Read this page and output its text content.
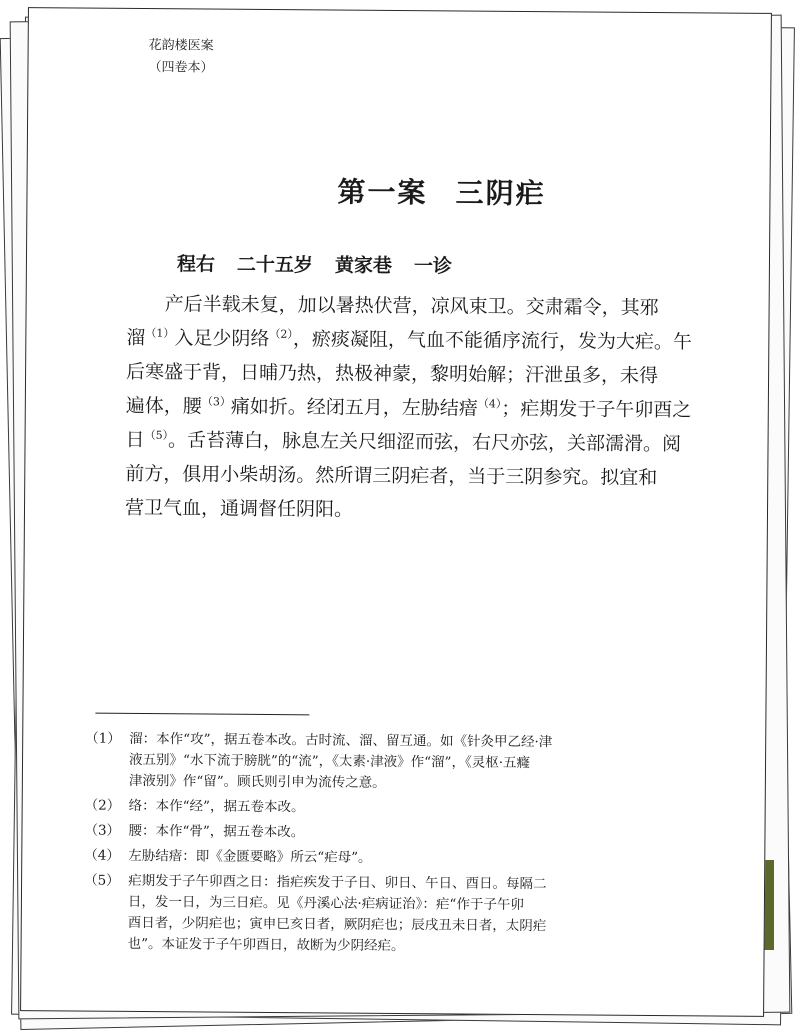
花韵楼医案
（四卷本）
第一案 三阴疟
程右 二十五岁 黄家巷 一诊

产后半载未复，加以暑热伏营，凉风束卫。交肃霜令，其邪

溜$^{(1)}$入足少阴络$^{(2)}$，瘀痰凝阻，气血不能循序流行，发为大疟。午

后寒盛于背，日晡乃热，热极神蒙，黎明始解；汗泄虽多，未得

遍体，腰$^{(3)}$痛如折。经闭五月，左胁结瘖$^{(4)}$；疟期发于子午卯酉之

日$^{(5)}$。舌苔薄白，脉息左关尺细涩而弦，右尺亦弦，关部濡滑。阅

前方，俱用小柴胡汤。然所谓三阴疟者，当于三阴参究。拟宜和

营卫气血，通调督任阴阳。

（1） 溜：本作“攻”，据五卷本改。古时流、溜、留互通。如《针灸甲乙经·津
液五别》“水下流于膀胱”的“流”，《太素·津液》作“溜”，《灵枢·五癃
津液别》作“留”。顾氏则引申为流传之意。
（2） 络：本作“经”，据五卷本改。
（3） 腰：本作“骨”，据五卷本改。
（4） 左胁结瘖：即《金匮要略》所云“疟母”。
（5） 疟期发于子午卯酉之日：指疟疾发于子日、卯日、午日、酉日。每隔二
日，发一日，为三日疟。见《丹溪心法·疟病证治》：疟“作于子午卯
酉日者，少阴疟也；寅申巳亥日者，厥阴疟也；辰戌丑未日者，太阴疟
也”。本证发于子午卯酉日，故断为少阴经疟。
